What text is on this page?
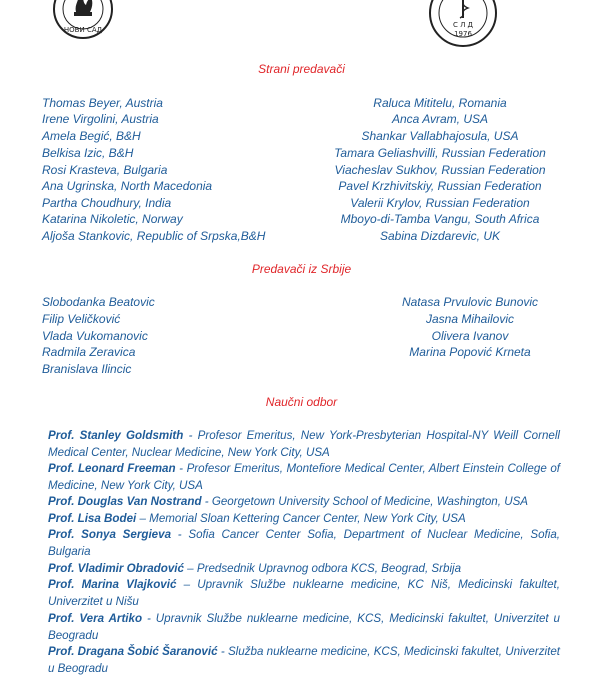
НОВИ САД
С Л Д
1976
Strani predavači
Thomas Beyer, Austria
Irene Virgolini, Austria
Amela Begić, B&H
Belkisa Izic, B&H
Rosi Krasteva, Bulgaria
Ana Ugrinska, North Macedonia
Partha Choudhury, India
Katarina Nikoletic, Norway
Aljoša Stankovic, Republic of Srpska,B&H
Raluca Mititelu, Romania
Anca Avram, USA
Shankar Vallabhajosula, USA
Tamara Geliashvilli, Russian Federation
Viacheslav Sukhov, Russian Federation
Pavel Krzhivitskiy, Russian Federation
Valerii Krylov, Russian Federation
Mboyo-di-Tamba Vangu, South Africa
Sabina Dizdarevic, UK
Predavači iz Srbije
Slobodanka Beatovic
Filip Veličković
Vlada Vukomanovic
Radmila Zeravica
Branislava Ilincic
Natasa Prvulovic Bunovic
Jasna Mihailovic
Olivera Ivanov
Marina Popović Krneta
Naučni odbor
Prof. Stanley Goldsmith - Profesor Emeritus, New York-Presbyterian Hospital-NY Weill Cornell Medical Center, Nuclear Medicine, New York City, USA
Prof. Leonard Freeman - Profesor Emeritus, Montefiore Medical Center, Albert Einstein College of Medicine, New York City, USA
Prof. Douglas Van Nostrand - Georgetown University School of Medicine, Washington, USA
Prof. Lisa Bodei – Memorial Sloan Kettering Cancer Center, New York City, USA
Prof. Sonya Sergieva - Sofia Cancer Center Sofia, Department of Nuclear Medicine, Sofia, Bulgaria
Prof. Vladimir Obradović – Predsednik Upravnog odbora KCS, Beograd, Srbija
Prof. Marina Vlajković – Upravnik Službe nuklearne medicine, KC Niš, Medicinski fakultet, Univerzitet u Nišu
Prof. Vera Artiko - Upravnik Službe nuklearne medicine, KCS, Medicinski fakultet, Univerzitet u Beogradu
Prof. Dragana Šobić Šaranović - Služba nuklearne medicine, KCS, Medicinski fakultet, Univerzitet u Beogradu
